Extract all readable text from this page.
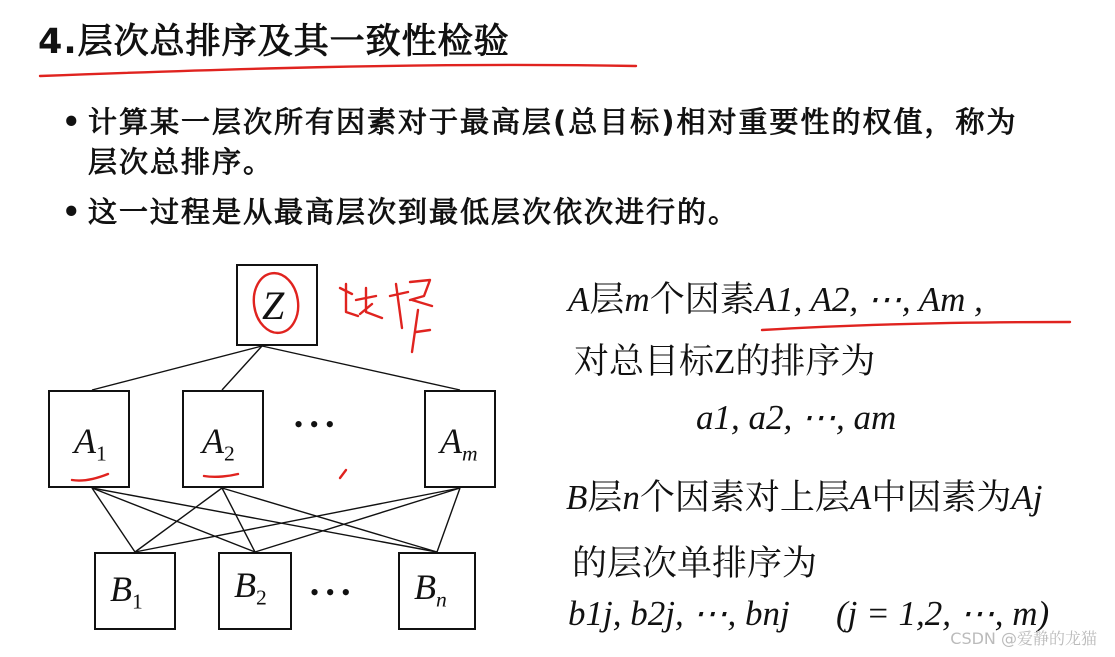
4.层次总排序及其一致性检验
• 计算某一层次所有因素对于最高层(总目标)相对重要性的权值，称为层次总排序。
• 这一过程是从最高层次到最低层次依次进行的。
Z
$A_1$	$A_2$
• • •	$A_m$
$B_1$	$B_2$ • • • $B_n$
A层m个因素A1, A2, ⋯, Am ,
对总目标Z的排序为
a1, a2, ⋯, am
B层n个因素对上层A中因素为Aj
的层次单排序为
b1j, b2j, ⋯, bnj (j = 1,2, ⋯, m)
CSDN @爱静的龙猫
